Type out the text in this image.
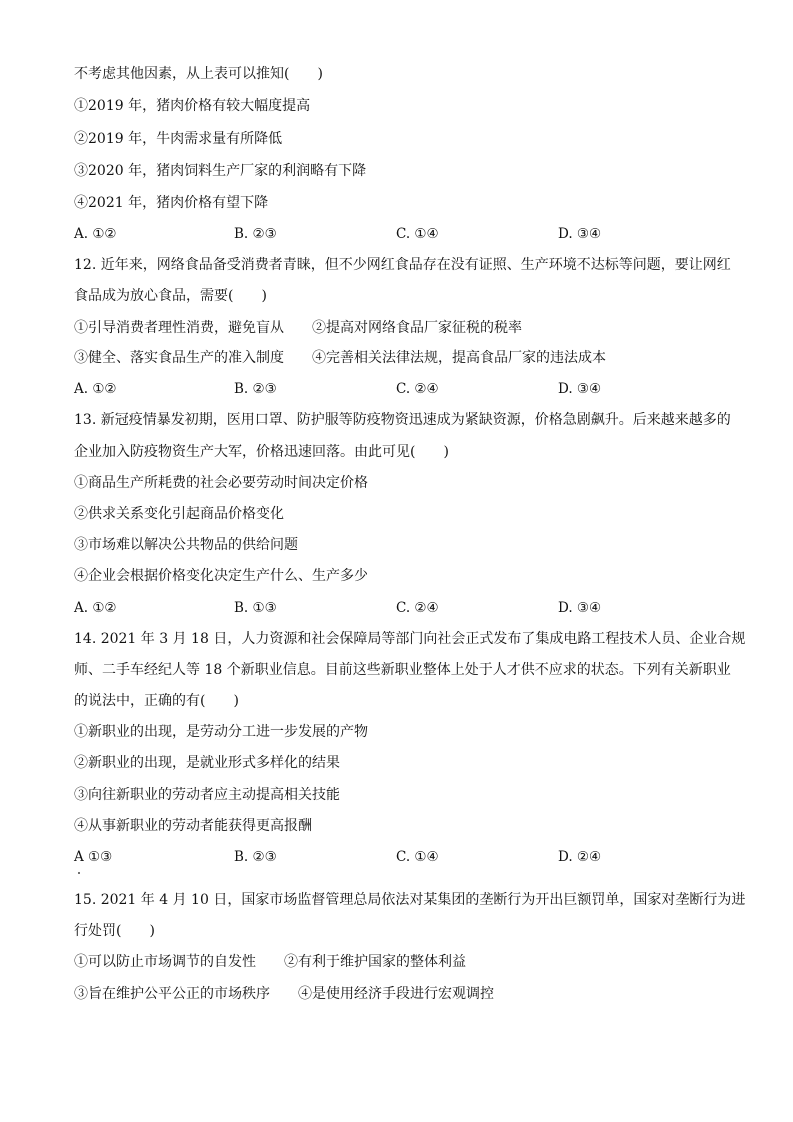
不考虑其他因素，从上表可以推知(　　)
①2019 年，猪肉价格有较大幅度提高
②2019 年，牛肉需求量有所降低
③2020 年，猪肉饲料生产厂家的利润略有下降
④2021 年，猪肉价格有望下降
A. ①②	B. ②③	C. ①④	D. ③④
12. 近年来，网络食品备受消费者青睐，但不少网红食品存在没有证照、生产环境不达标等问题，要让网红
食品成为放心食品，需要(　　)
①引导消费者理性消费，避免盲从　　②提高对网络食品厂家征税的税率
③健全、落实食品生产的准入制度　　④完善相关法律法规，提高食品厂家的违法成本
A. ①②	B. ②③	C. ②④	D. ③④
13. 新冠疫情暴发初期，医用口罩、防护服等防疫物资迅速成为紧缺资源，价格急剧飙升。后来越来越多的
企业加入防疫物资生产大军，价格迅速回落。由此可见(　　)
①商品生产所耗费的社会必要劳动时间决定价格
②供求关系变化引起商品价格变化
③市场难以解决公共物品的供给问题
④企业会根据价格变化决定生产什么、生产多少
A. ①②	B. ①③	C. ②④	D. ③④
14. 2021 年 3 月 18 日，人力资源和社会保障局等部门向社会正式发布了集成电路工程技术人员、企业合规
师、二手车经纪人等 18 个新职业信息。目前这些新职业整体上处于人才供不应求的状态。下列有关新职业
的说法中，正确的有(　　)
①新职业的出现，是劳动分工进一步发展的产物
②新职业的出现，是就业形式多样化的结果
③向往新职业的劳动者应主动提高相关技能
④从事新职业的劳动者能获得更高报酬
A ①③	B. ②③	C. ①④	D. ②④
15. 2021 年 4 月 10 日，国家市场监督管理总局依法对某集团的垄断行为开出巨额罚单，国家对垄断行为进
行处罚(　　)
①可以防止市场调节的自发性　　②有利于维护国家的整体利益
③旨在维护公平公正的市场秩序　　④是使用经济手段进行宏观调控
